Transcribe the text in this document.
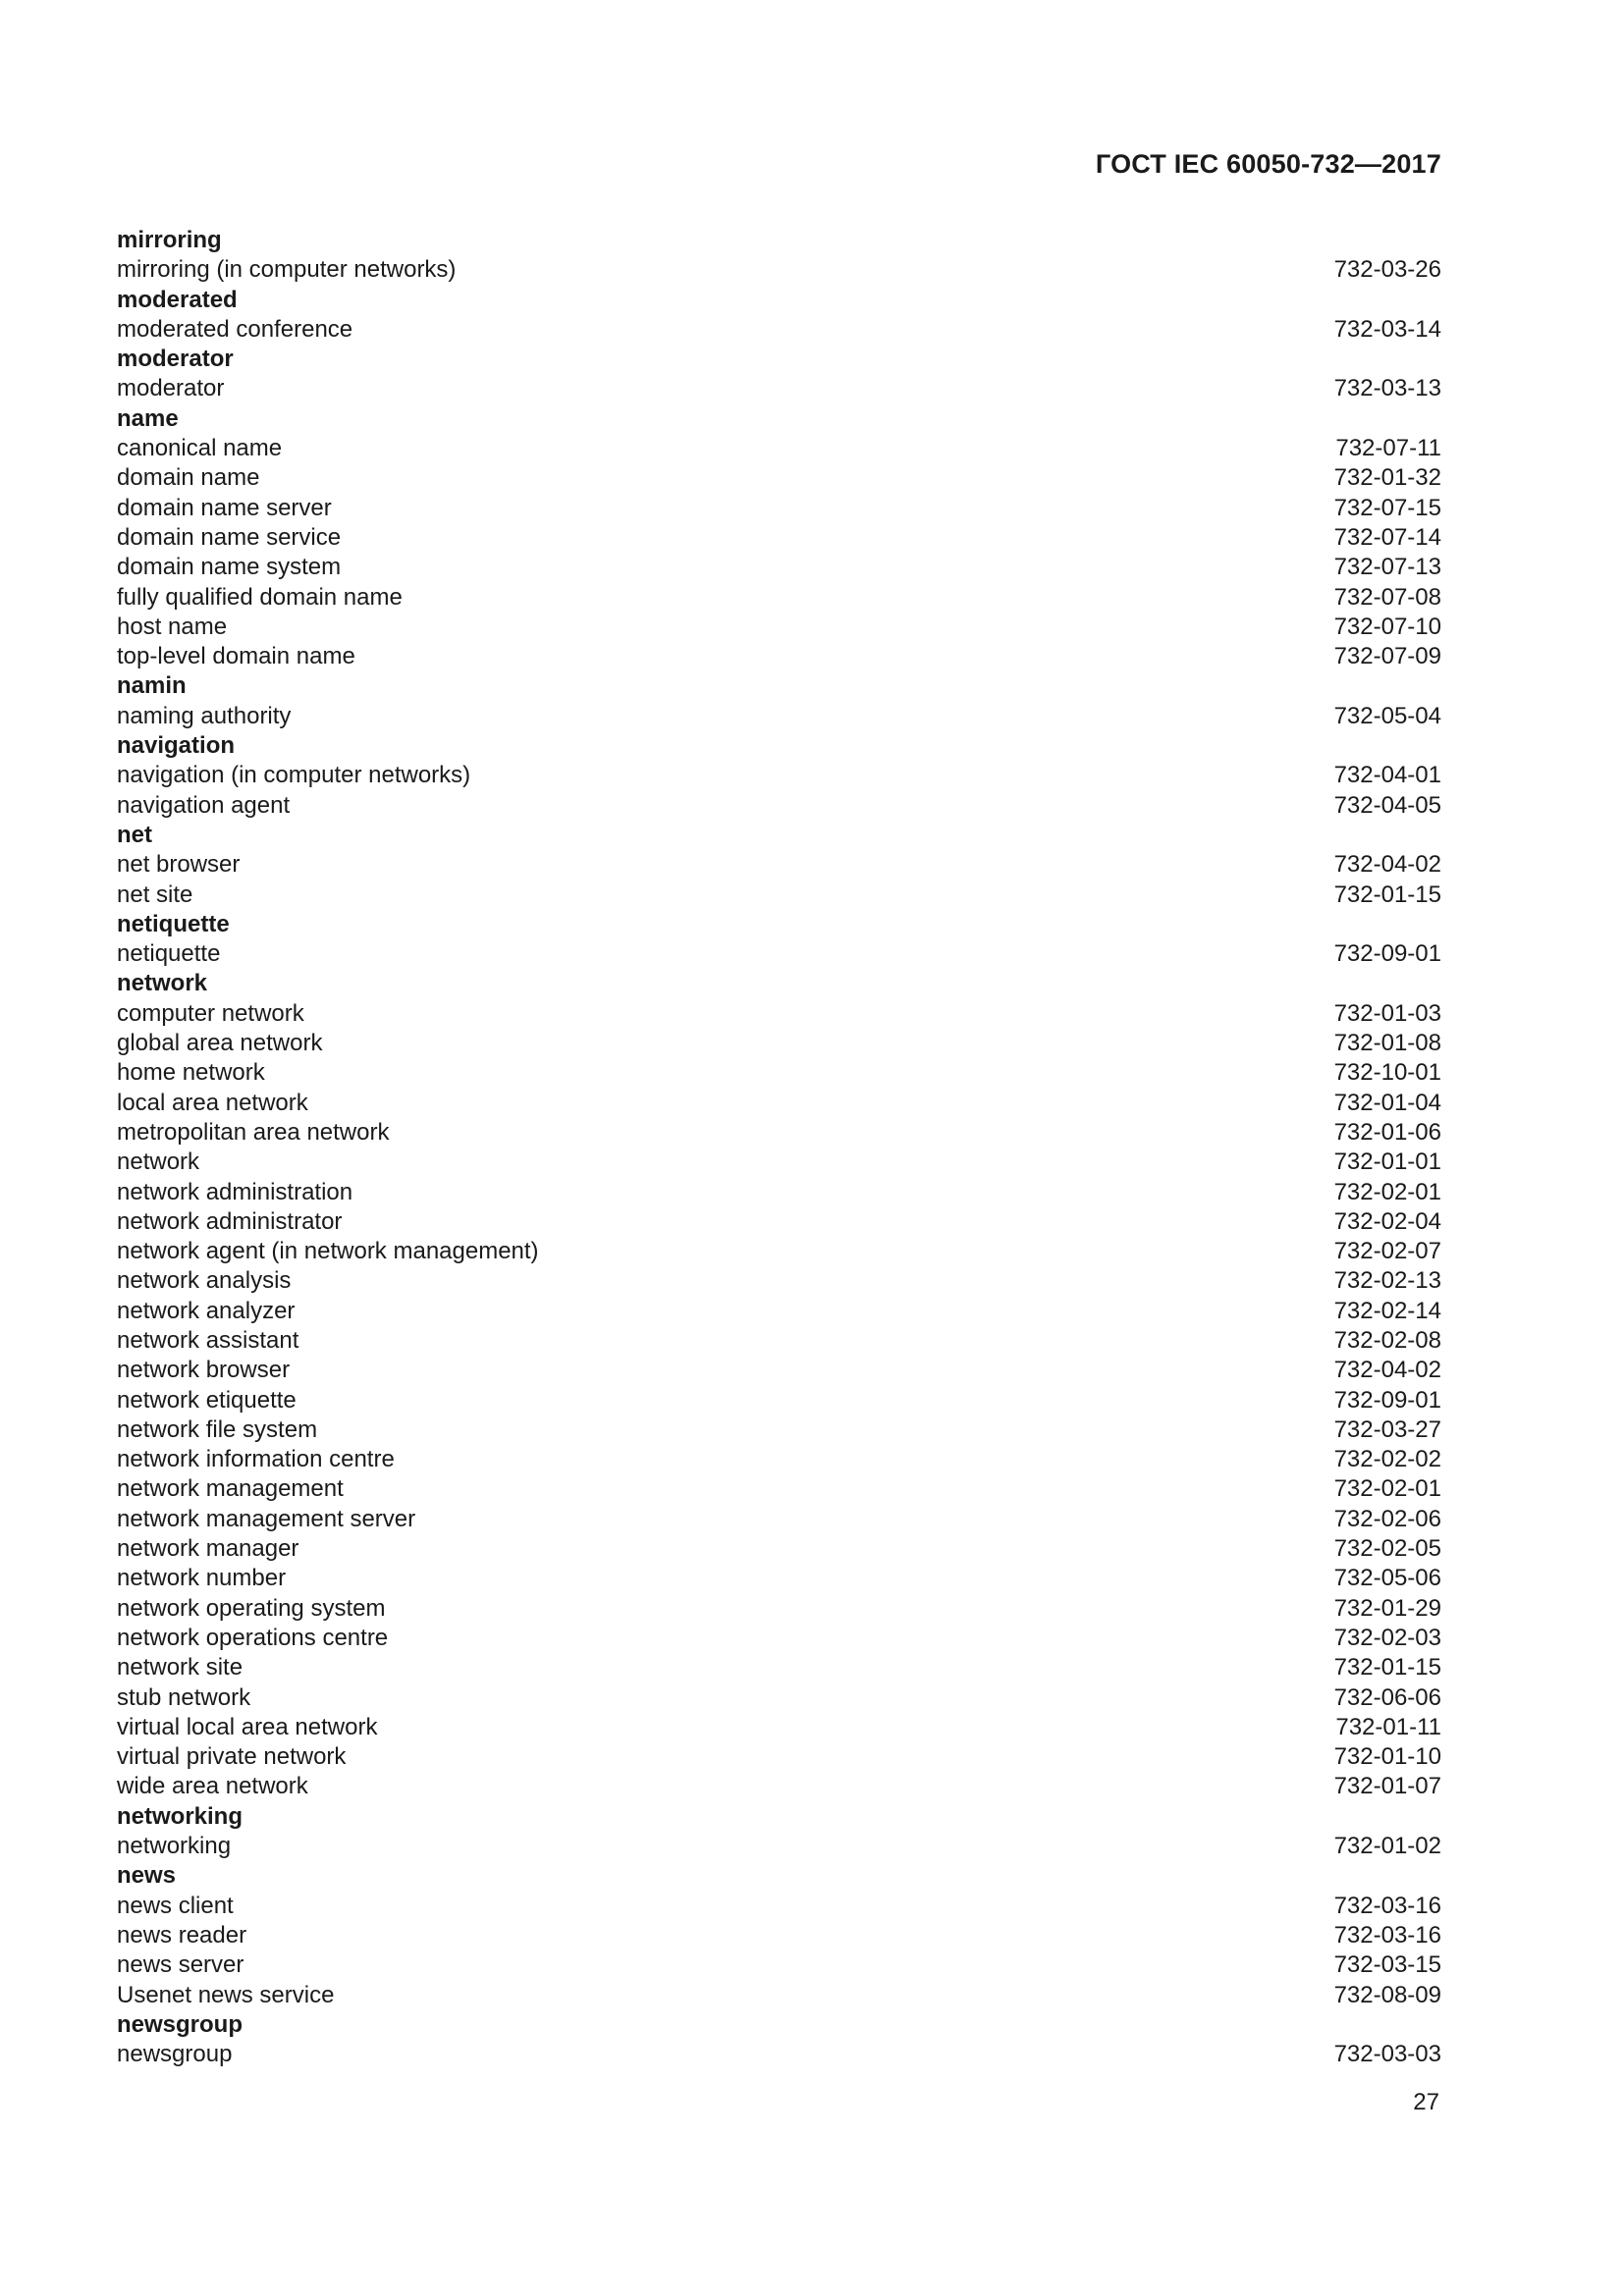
ГОСТ IEC 60050-732—2017
mirroring
mirroring (in computer networks)	732-03-26
moderated
moderated conference	732-03-14
moderator
moderator	732-03-13
name
canonical name	732-07-11
domain name	732-01-32
domain name server	732-07-15
domain name service	732-07-14
domain name system	732-07-13
fully qualified domain name	732-07-08
host name	732-07-10
top-level domain name	732-07-09
namin
naming authority	732-05-04
navigation
navigation (in computer networks)	732-04-01
navigation agent	732-04-05
net
net browser	732-04-02
net site	732-01-15
netiquette
netiquette	732-09-01
network
computer network	732-01-03
global area network	732-01-08
home network	732-10-01
local area network	732-01-04
metropolitan area network	732-01-06
network	732-01-01
network administration	732-02-01
network administrator	732-02-04
network agent (in network management)	732-02-07
network analysis	732-02-13
network analyzer	732-02-14
network assistant	732-02-08
network browser	732-04-02
network etiquette	732-09-01
network file system	732-03-27
network information centre	732-02-02
network management	732-02-01
network management server	732-02-06
network manager	732-02-05
network number	732-05-06
network operating system	732-01-29
network operations centre	732-02-03
network site	732-01-15
stub network	732-06-06
virtual local area network	732-01-11
virtual private network	732-01-10
wide area network	732-01-07
networking
networking	732-01-02
news
news client	732-03-16
news reader	732-03-16
news server	732-03-15
Usenet news service	732-08-09
newsgroup
newsgroup	732-03-03
27
